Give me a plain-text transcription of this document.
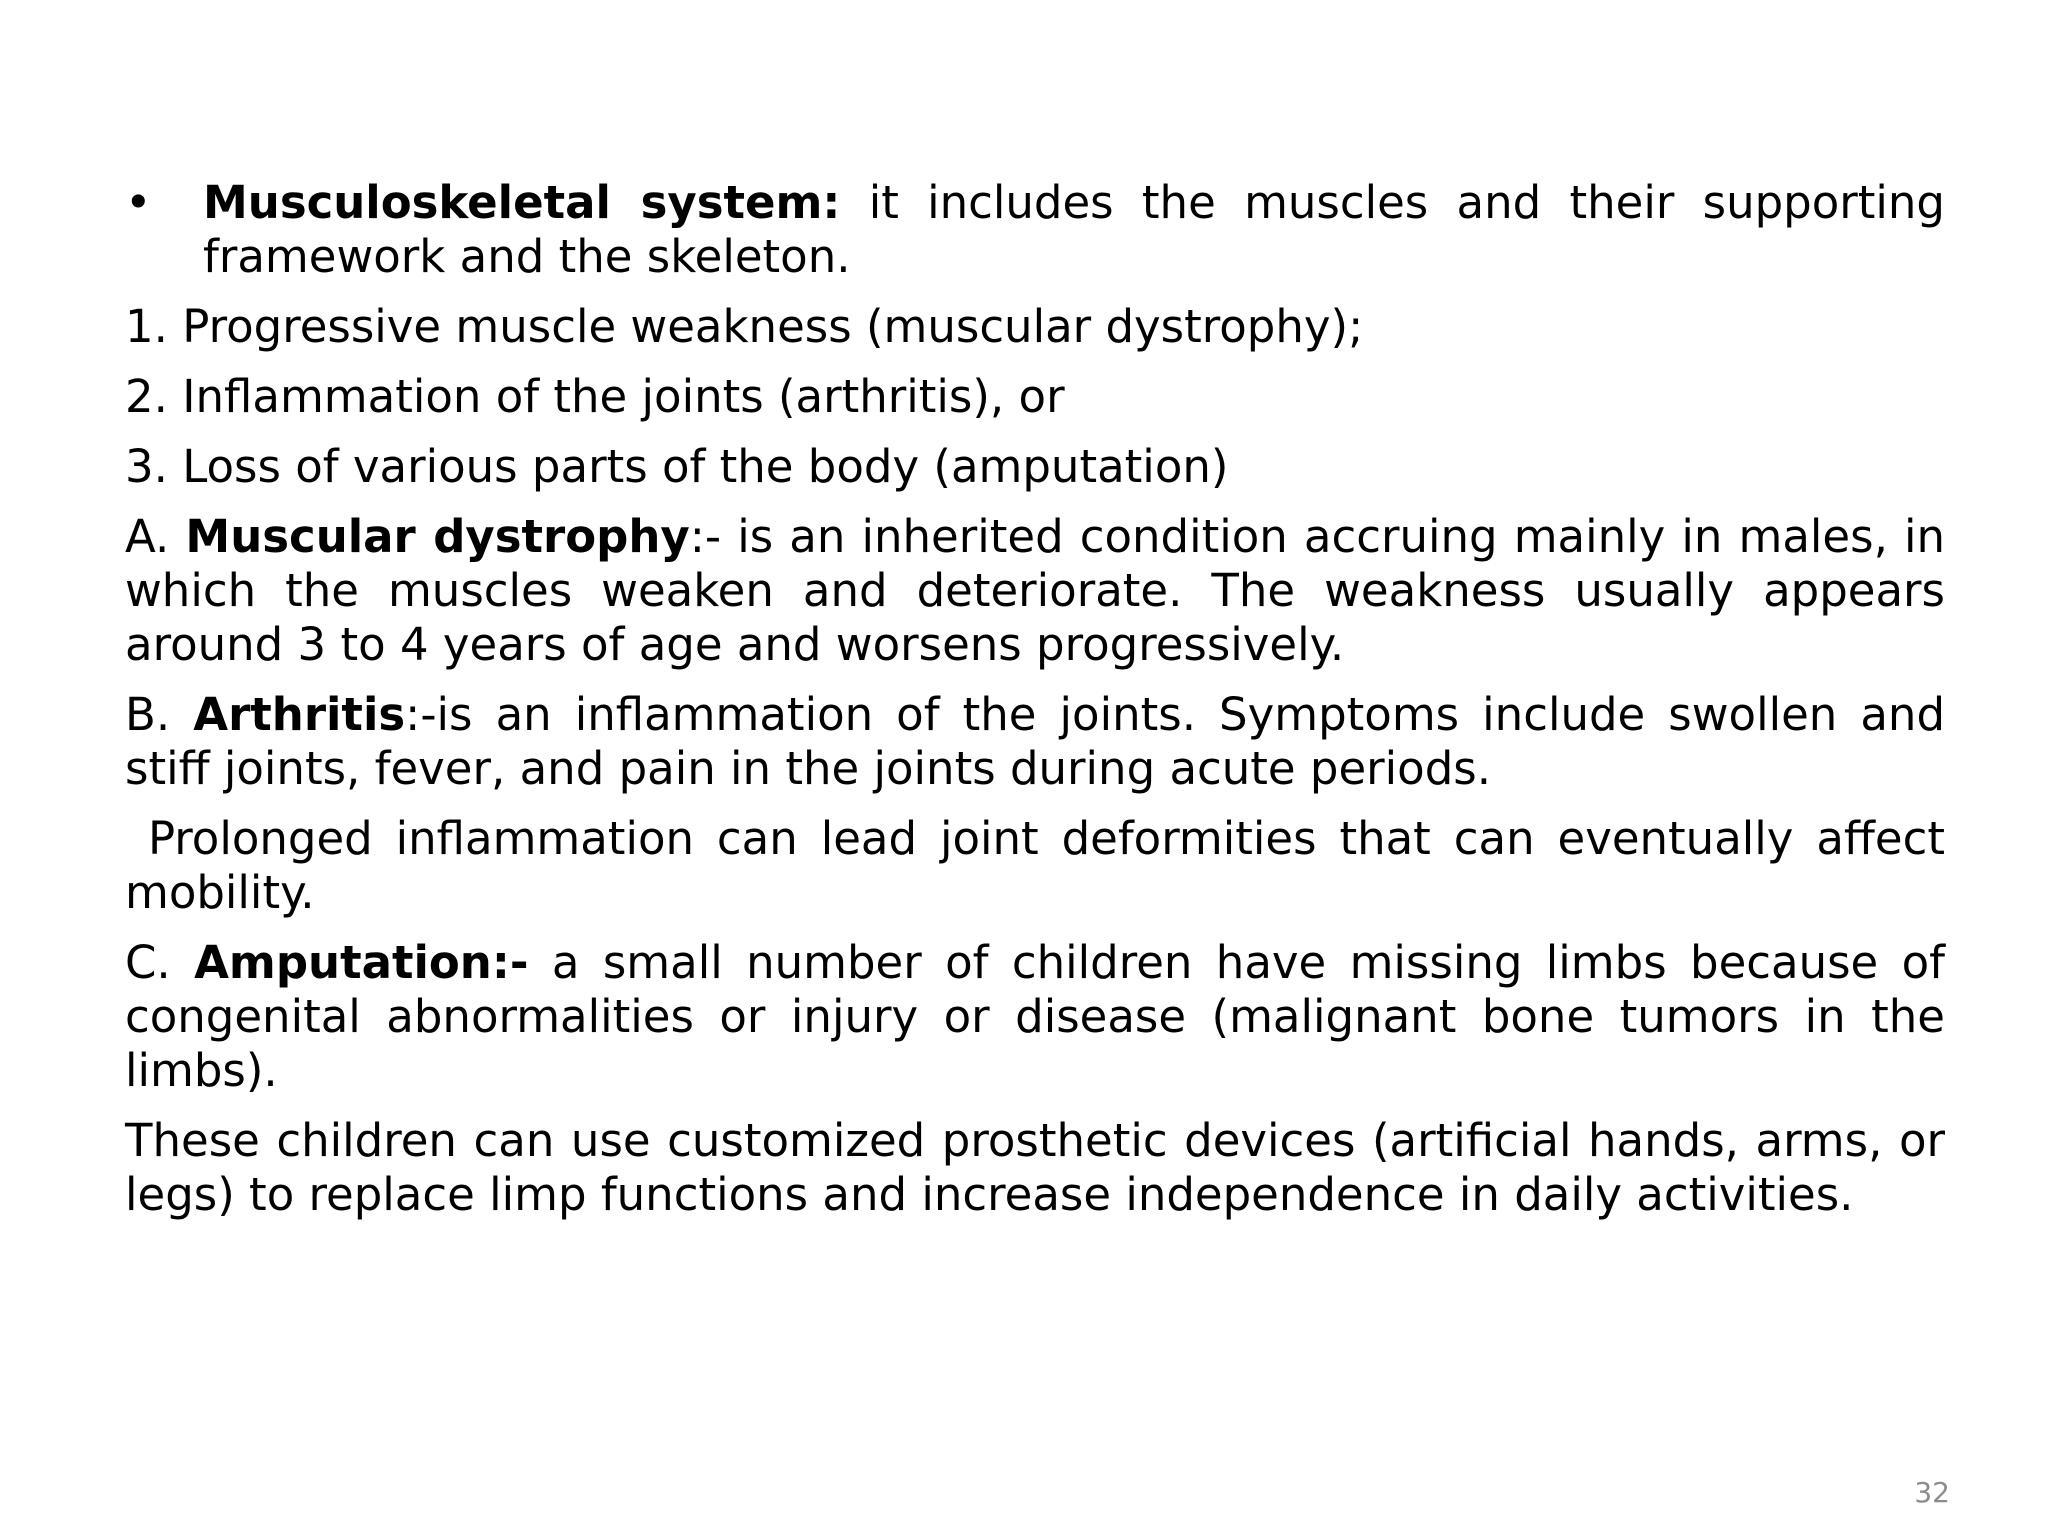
•	Musculoskeletal system: it includes the muscles and their supporting framework and the skeleton.

1. Progressive muscle weakness (muscular dystrophy);

2. Inflammation of the joints (arthritis), or

3. Loss of various parts of the body (amputation)

A. Muscular dystrophy:- is an inherited condition accruing mainly in males, in which the muscles weaken and deteriorate. The weakness usually appears around 3 to 4 years of age and worsens progressively.

B. Arthritis:-is an inflammation of the joints. Symptoms include swollen and stiff joints, fever, and pain in the joints during acute periods.

Prolonged inflammation can lead joint deformities that can eventually affect mobility.

C. Amputation:- a small number of children have missing limbs because of congenital abnormalities or injury or disease (malignant bone tumors in the limbs).

These children can use customized prosthetic devices (artificial hands, arms, or legs) to replace limp functions and increase independence in daily activities.

32
